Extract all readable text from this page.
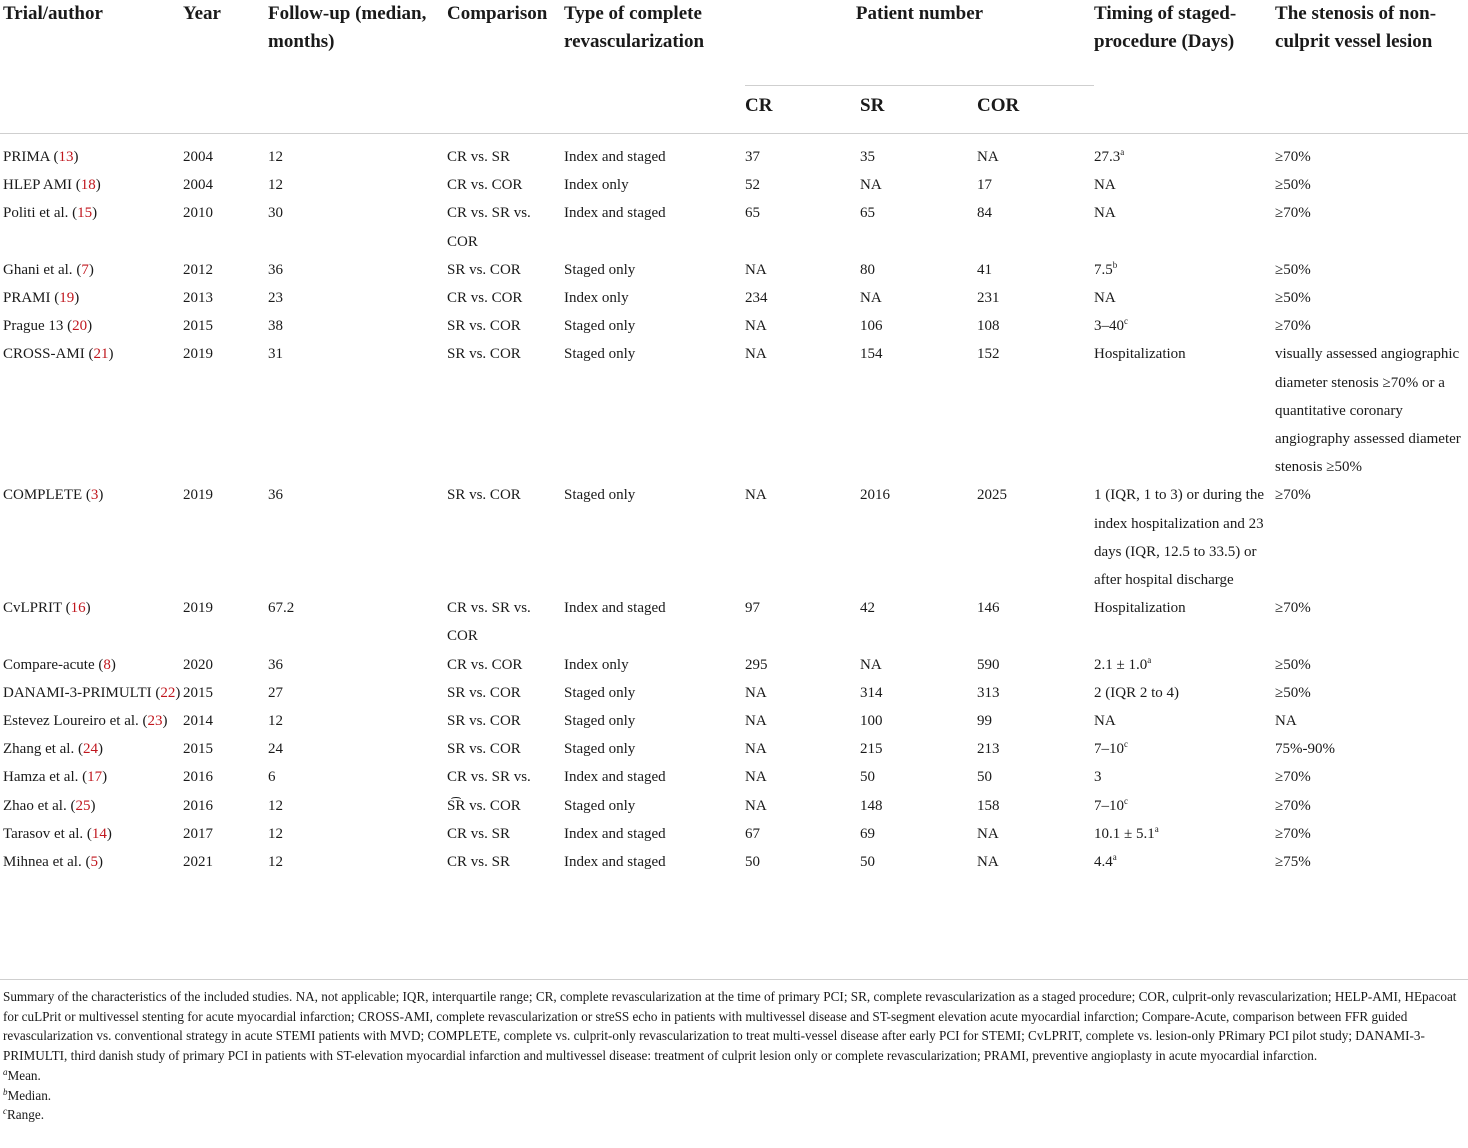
Trial/author	Year	Follow-up (median, months)	Comparison	Type of complete revascularization	Patient number			Timing of staged-procedure (Days)	The stenosis of non-culprit vessel lesion
					CR	SR	COR		

PRIMA (13)	2004	12	CR vs. SR	Index and staged	37	35	NA	27.3$^a$	≥70%
HLEP AMI (18)	2004	12	CR vs. COR	Index only	52	NA	17	NA	≥50%
Politi et al. (15)	2010	30	CR vs. SR vs. COR	Index and staged	65	65	84	NA	≥70%
Ghani et al. (7)	2012	36	SR vs. COR	Staged only	NA	80	41	7.5$^b$	≥50%
PRAMI (19)	2013	23	CR vs. COR	Index only	234	NA	231	NA	≥50%
Prague 13 (20)	2015	38	SR vs. COR	Staged only	NA	106	108	$3-40^c$	≥70%
CROSS-AMI (21)	2019	31	SR vs. COR	Staged only	NA	154	152	Hospitalization	visually assessed angiographic diameter stenosis ≥70% or a quantitative coronary angiography assessed diameter stenosis ≥50%
COMPLETE (3)	2019	36	SR vs. COR	Staged only	NA	2016	2025	1 (IQR, 1 to 3) or during the index hospitalization and 23 days (IQR, 12.5 to 33.5) or after hospital discharge	≥70%
CvLPRIT (16)	2019	67.2	CR vs. SR vs. COR	Index and staged	97	42	146	Hospitalization	≥70%
Compare-acute (8)	2020	36	CR vs. COR	Index only	295	NA	590	2.1 ± 1.0$^a$	≥50%
DANAMI-3-PRIMULTI (22)	2015	27	SR vs. COR	Staged only	NA	314	313	2 (IQR 2 to 4)	≥50%
Estevez Loureiro et al. (23)	2014	12	SR vs. COR	Staged only	NA	100	99	NA	NA
Zhang et al. (24)	2015	24	SR vs. COR	Staged only	NA	215	213	7–10$^c$	75%-90%
Hamza et al. (17)	2016	6	CR vs. SR vs.	Index and staged	NA	50	50	3	≥70%
Zhao et al. (25)	2016	12	S͡R vs. COR	Staged only	NA	148	158	$7-10^c$	≥70%
Tarasov et al. (14)	2017	12	CR vs. SR	Index and staged	67	69	NA	10.1 ± 5.1$^a$	≥70%
Mihnea et al. (5)	2021	12	CR vs. SR	Index and staged	50	50	NA	4.4$^a$	≥75%

Summary of the characteristics of the included studies. NA, not applicable; IQR, interquartile range; CR, complete revascularization at the time of primary PCI; SR, complete revascularization as a staged procedure; COR, culprit-only revascularization; HELP-AMI, HEpacoat for cuLPrit or multivessel stenting for acute myocardial infarction; CROSS-AMI, complete revascularization or streSS echo in patients with multivessel disease and ST-segment elevation acute myocardial infarction; Compare-Acute, comparison between FFR guided revascularization vs. conventional strategy in acute STEMI patients with MVD; COMPLETE, complete vs. culprit-only revascularization to treat multi-vessel disease after early PCI for STEMI; CvLPRIT, complete vs. lesion-only PRimary PCI pilot study; DANAMI-3-PRIMULTI, third danish study of primary PCI in patients with ST-elevation myocardial infarction and multivessel disease: treatment of culprit lesion only or complete revascularization; PRAMI, preventive angioplasty in acute myocardial infarction.

$^a$Mean.

$^b$Median.

$^c$Range.
